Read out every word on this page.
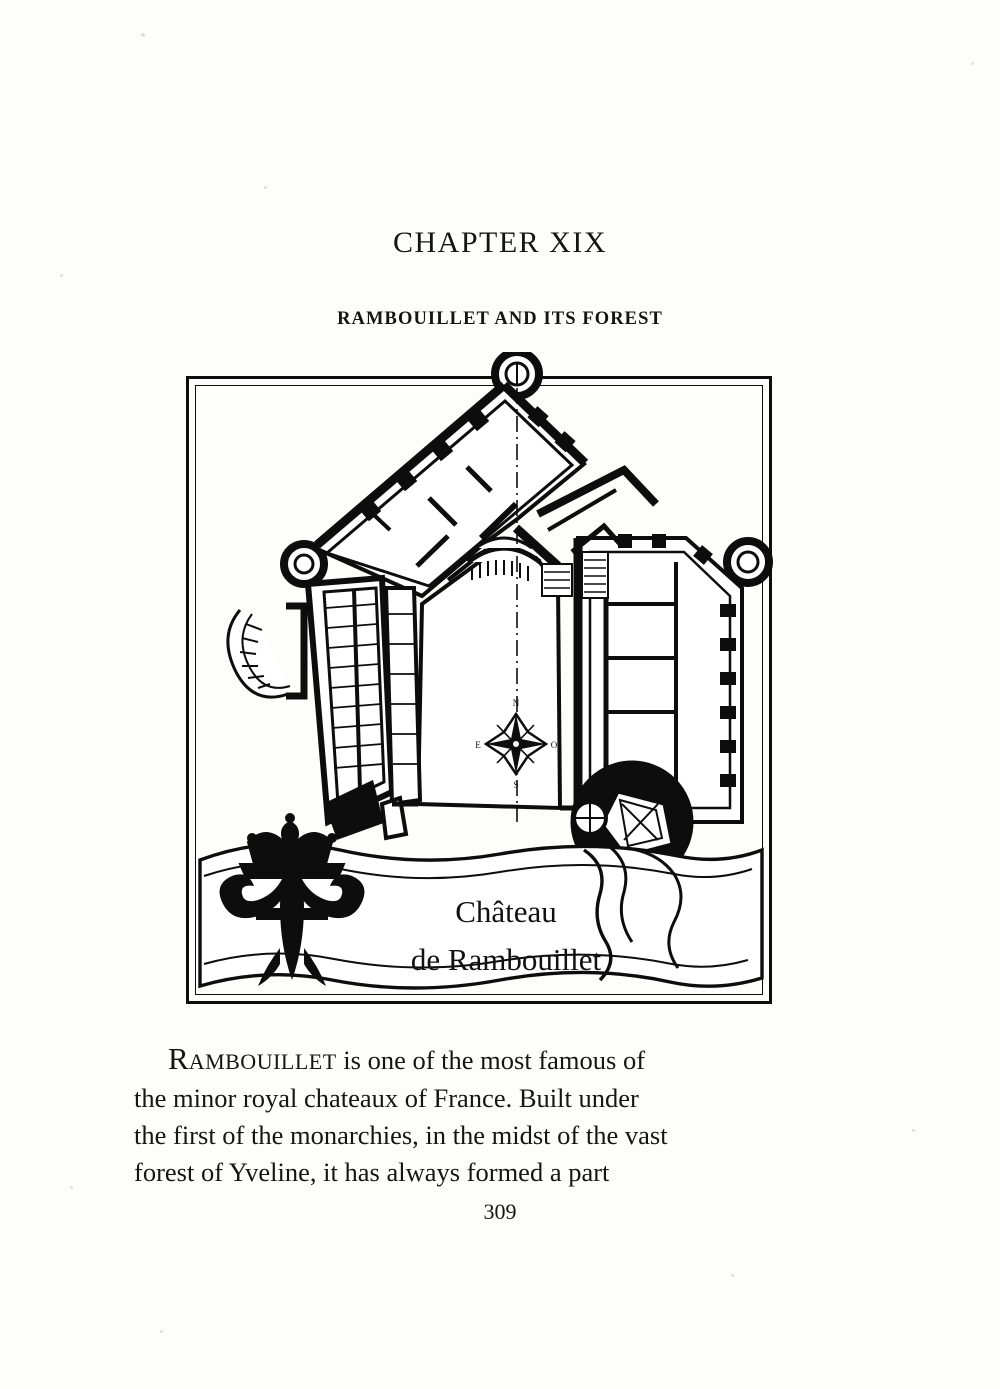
CHAPTER XIX
RAMBOUILLET AND ITS FOREST
N
O
E
S
Château
de Rambouillet
RAMBOUILLET is one of the most famous of
the minor royal chateaux of France. Built under
the first of the monarchies, in the midst of the vast
forest of Yveline, it has always formed a part
309
